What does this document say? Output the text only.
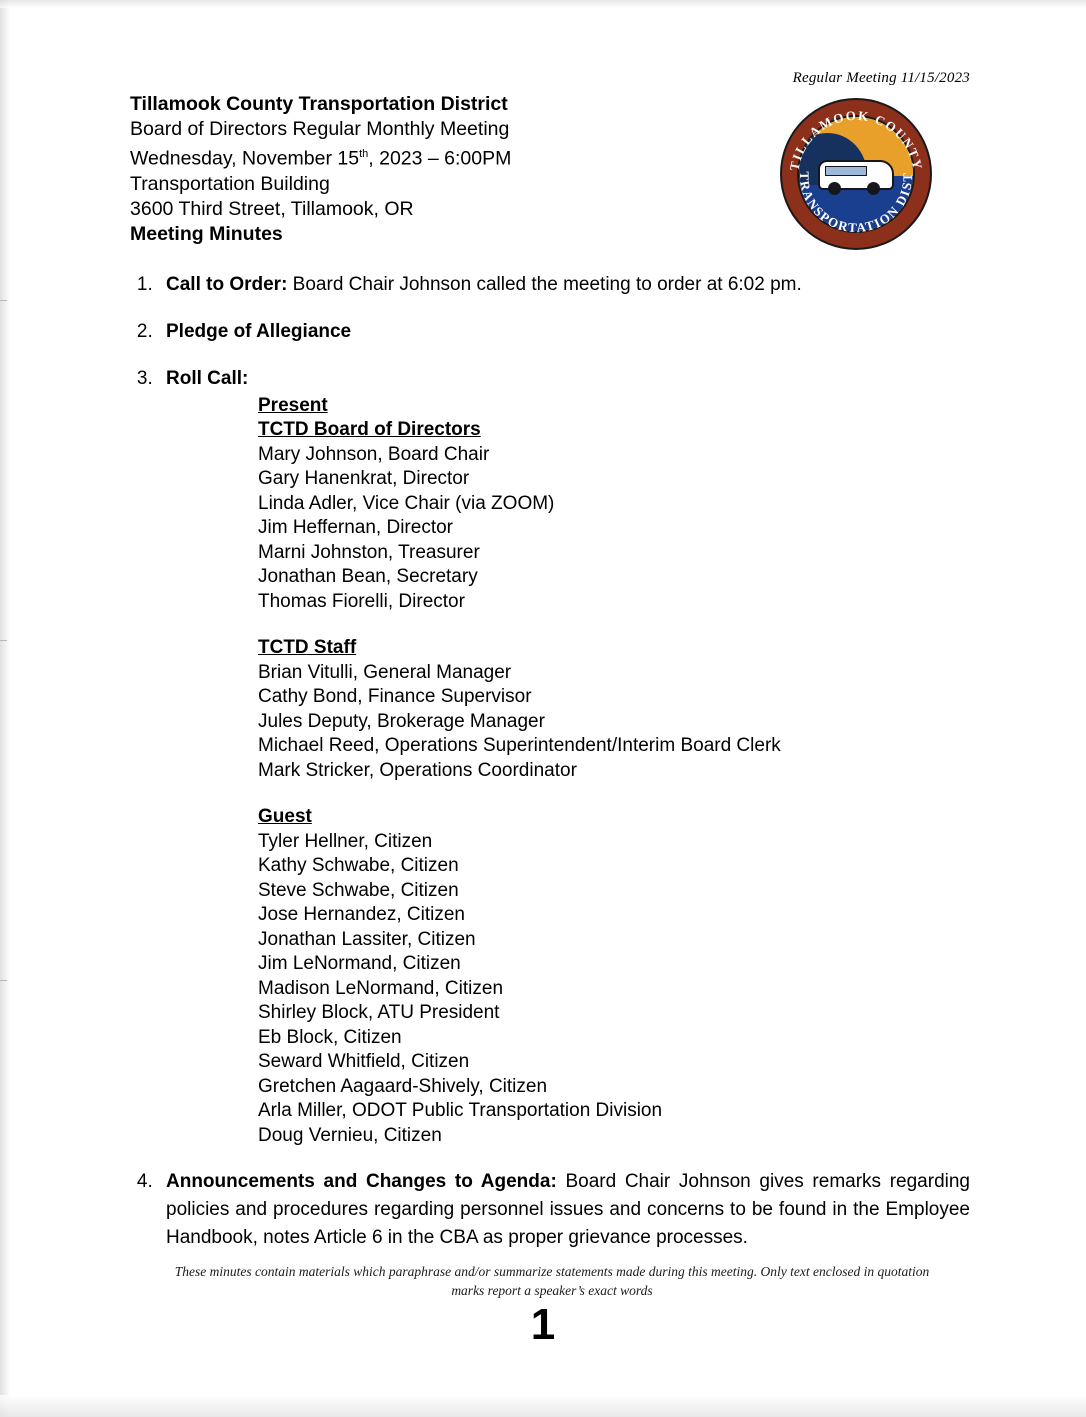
Regular Meeting 11/15/2023
Tillamook County Transportation District
Board of Directors Regular Monthly Meeting
Wednesday, November 15th, 2023 – 6:00PM
Transportation Building
3600 Third Street, Tillamook, OR
Meeting Minutes
TILLAMOOK COUNTY
TRANSPORTATION DIST
1. Call to Order: Board Chair Johnson called the meeting to order at 6:02 pm.
2. Pledge of Allegiance
3. Roll Call:
Present
TCTD Board of Directors
Mary Johnson, Board Chair
Gary Hanenkrat, Director
Linda Adler, Vice Chair (via ZOOM)
Jim Heffernan, Director
Marni Johnston, Treasurer
Jonathan Bean, Secretary
Thomas Fiorelli, Director
TCTD Staff
Brian Vitulli, General Manager
Cathy Bond, Finance Supervisor
Jules Deputy, Brokerage Manager
Michael Reed, Operations Superintendent/Interim Board Clerk
Mark Stricker, Operations Coordinator
Guest
Tyler Hellner, Citizen
Kathy Schwabe, Citizen
Steve Schwabe, Citizen
Jose Hernandez, Citizen
Jonathan Lassiter, Citizen
Jim LeNormand, Citizen
Madison LeNormand, Citizen
Shirley Block, ATU President
Eb Block, Citizen
Seward Whitfield, Citizen
Gretchen Aagaard-Shively, Citizen
Arla Miller, ODOT Public Transportation Division
Doug Vernieu, Citizen
4. Announcements and Changes to Agenda: Board Chair Johnson gives remarks regarding policies and procedures regarding personnel issues and concerns to be found in the Employee Handbook, notes Article 6 in the CBA as proper grievance processes.
These minutes contain materials which paraphrase and/or summarize statements made during this meeting. Only text enclosed in quotation
marks report a speaker’s exact words
1
